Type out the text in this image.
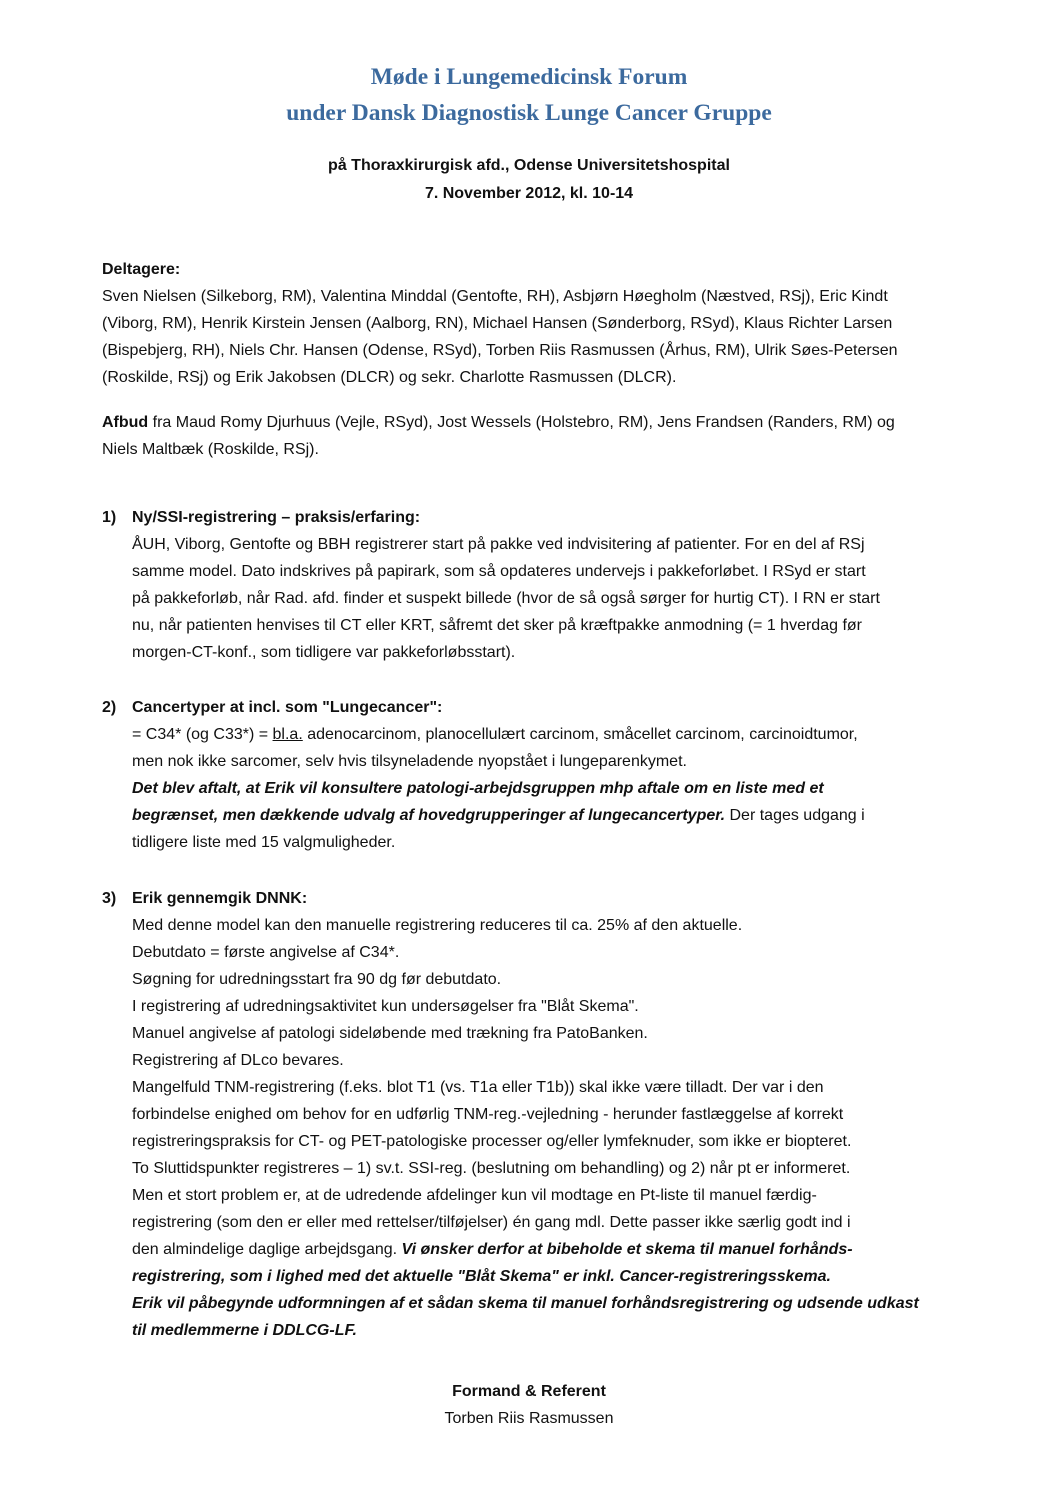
Møde i Lungemedicinsk Forum
under Dansk Diagnostisk Lunge Cancer Gruppe
på Thoraxkirurgisk afd., Odense Universitetshospital
7. November 2012, kl. 10-14
Deltagere:
Sven Nielsen (Silkeborg, RM), Valentina Minddal (Gentofte, RH), Asbjørn Høegholm (Næstved, RSj), Eric Kindt
(Viborg, RM), Henrik Kirstein Jensen (Aalborg, RN), Michael Hansen (Sønderborg, RSyd), Klaus Richter Larsen
(Bispebjerg, RH), Niels Chr. Hansen (Odense, RSyd), Torben Riis Rasmussen (Århus, RM), Ulrik Søes-Petersen
(Roskilde, RSj) og Erik Jakobsen (DLCR) og sekr. Charlotte Rasmussen (DLCR).
Afbud fra Maud Romy Djurhuus (Vejle, RSyd), Jost Wessels (Holstebro, RM), Jens Frandsen (Randers, RM) og
Niels Maltbæk (Roskilde, RSj).
1) Ny/SSI-registrering – praksis/erfaring:
ÅUH, Viborg, Gentofte og BBH registrerer start på pakke ved indvisitering af patienter. For en del af RSj
samme model. Dato indskrives på papirark, som så opdateres undervejs i pakkeforløbet. I RSyd er start
på pakkeforløb, når Rad. afd. finder et suspekt billede (hvor de så også sørger for hurtig CT). I RN er start
nu, når patienten henvises til CT eller KRT, såfremt det sker på kræftpakke anmodning (= 1 hverdag før
morgen-CT-konf., som tidligere var pakkeforløbsstart).
2) Cancertyper at incl. som "Lungecancer":
= C34* (og C33*) = bl.a. adenocarcinom, planocellulært carcinom, småcellet carcinom, carcinoidtumor,
men nok ikke sarcomer, selv hvis tilsyneladende nyopstået i lungeparenkymet.
Det blev aftalt, at Erik vil konsultere patologi-arbejdsgruppen mhp aftale om en liste med et
begrænset, men dækkende udvalg af hovedgrupperinger af lungecancertyper. Der tages udgang i
tidligere liste med 15 valgmuligheder.
3) Erik gennemgik DNNK:
Med denne model kan den manuelle registrering reduceres til ca. 25% af den aktuelle.
Debutdato = første angivelse af C34*.
Søgning for udredningsstart fra 90 dg før debutdato.
I registrering af udredningsaktivitet kun undersøgelser fra "Blåt Skema".
Manuel angivelse af patologi sideløbende med trækning fra PatoBanken.
Registrering af DLco bevares.
Mangelfuld TNM-registrering (f.eks. blot T1 (vs. T1a eller T1b)) skal ikke være tilladt. Der var i den
forbindelse enighed om behov for en udførlig TNM-reg.-vejledning - herunder fastlæggelse af korrekt
registreringspraksis for CT- og PET-patologiske processer og/eller lymfeknuder, som ikke er biopteret.
To Sluttidspunkter registreres – 1) sv.t. SSI-reg. (beslutning om behandling) og 2) når pt er informeret.
Men et stort problem er, at de udredende afdelinger kun vil modtage en Pt-liste til manuel færdig-
registrering (som den er eller med rettelser/tilføjelser) én gang mdl. Dette passer ikke særlig godt ind i
den almindelige daglige arbejdsgang. Vi ønsker derfor at bibeholde et skema til manuel forhånds-
registrering, som i lighed med det aktuelle "Blåt Skema" er inkl. Cancer-registreringsskema.
Erik vil påbegynde udformningen af et sådan skema til manuel forhåndsregistrering og udsende udkast
til medlemmerne i DDLCG-LF.
Formand & Referent
Torben Riis Rasmussen
